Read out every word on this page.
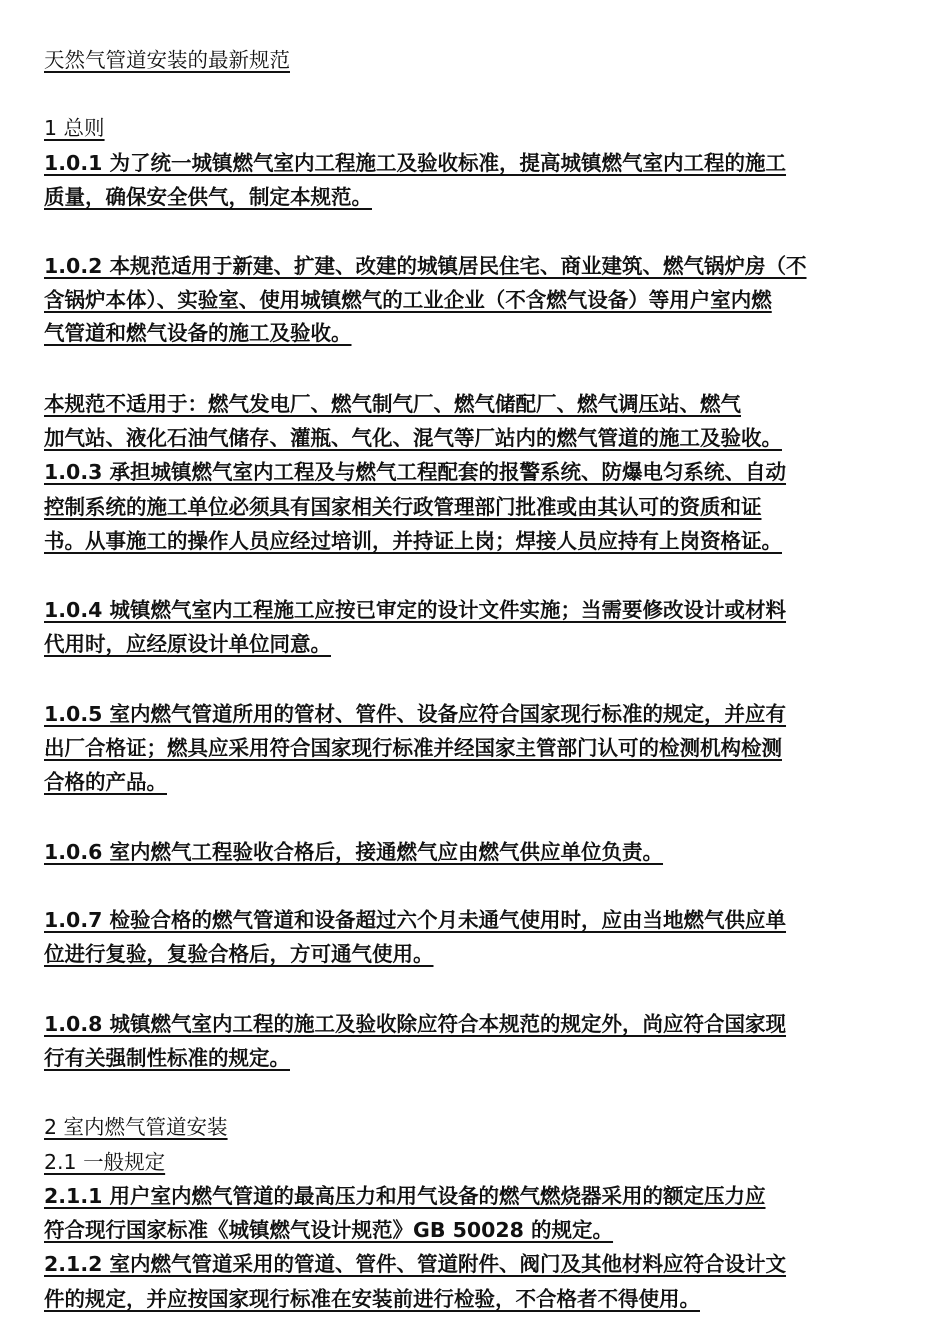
天然气管道安装的最新规范
1 总则
1.0.1 为了统一城镇燃气室内工程施工及验收标准，提高城镇燃气室内工程的施工
质量，确保安全供气，制定本规范。
1.0.2 本规范适用于新建、扩建、改建的城镇居民住宅、商业建筑、燃气锅炉房（不
含锅炉本体）、实验室、使用城镇燃气的工业企业（不含燃气设备）等用户室内燃
气管道和燃气设备的施工及验收。
本规范不适用于：燃气发电厂、燃气制气厂、燃气储配厂、燃气调压站、燃气
加气站、液化石油气储存、灌瓶、气化、混气等厂站内的燃气管道的施工及验收。
1.0.3 承担城镇燃气室内工程及与燃气工程配套的报警系统、防爆电匀系统、自动
控制系统的施工单位必须具有国家相关行政管理部门批准或由其认可的资质和证
书。从事施工的操作人员应经过培训，并持证上岗；焊接人员应持有上岗资格证。
1.0.4 城镇燃气室内工程施工应按已审定的设计文件实施；当需要修改设计或材料
代用时，应经原设计单位同意。
1.0.5 室内燃气管道所用的管材、管件、设备应符合国家现行标准的规定，并应有
出厂合格证；燃具应采用符合国家现行标准并经国家主管部门认可的检测机构检测
合格的产品。
1.0.6 室内燃气工程验收合格后，接通燃气应由燃气供应单位负责。
1.0.7 检验合格的燃气管道和设备超过六个月未通气使用时，应由当地燃气供应单
位进行复验，复验合格后，方可通气使用。
1.0.8 城镇燃气室内工程的施工及验收除应符合本规范的规定外，尚应符合国家现
行有关强制性标准的规定。
2 室内燃气管道安装
2.1 一般规定
2.1.1 用户室内燃气管道的最高压力和用气设备的燃气燃烧器采用的额定压力应
符合现行国家标准《城镇燃气设计规范》GB 50028 的规定。
2.1.2 室内燃气管道采用的管道、管件、管道附件、阀门及其他材料应符合设计文
件的规定，并应按国家现行标准在安装前进行检验，不合格者不得使用。
